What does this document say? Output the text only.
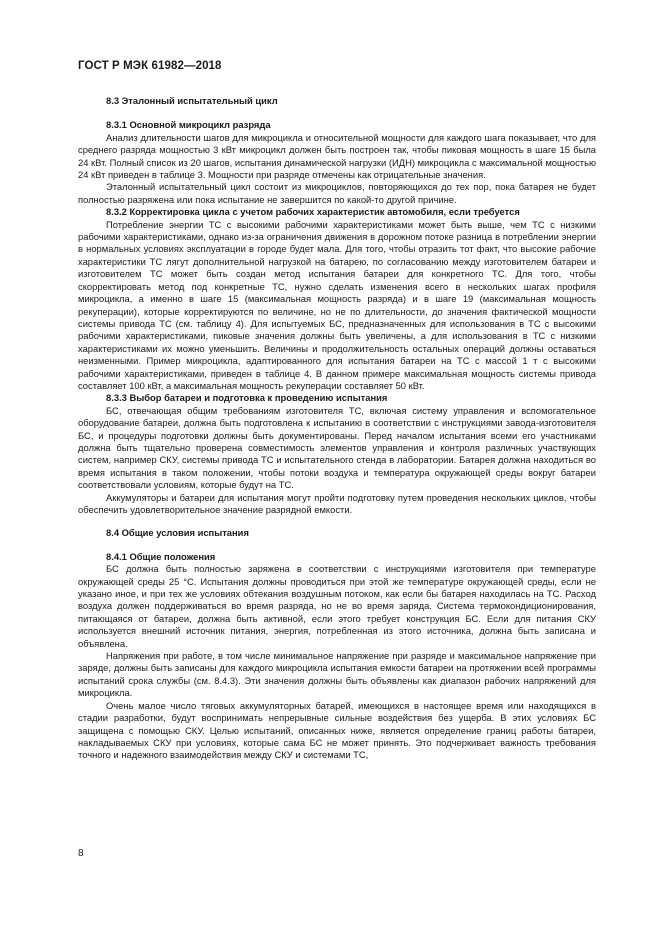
ГОСТ Р МЭК 61982—2018
8.3 Эталонный испытательный цикл
8.3.1 Основной микроцикл разряда

Анализ длительности шагов для микроцикла и относительной мощности для каждого шага показывает, что для среднего разряда мощностью 3 кВт микроцикл должен быть построен так, чтобы пиковая мощность в шаге 15 была 24 кВт. Полный список из 20 шагов, испытания динамической нагрузки (ИДН) микроцикла с максимальной мощностью 24 кВт приведен в таблице 3. Мощности при разряде отмечены как отрицательные значения.

Эталонный испытательный цикл состоит из микроциклов, повторяющихся до тех пор, пока батарея не будет полностью разряжена или пока испытание не завершится по какой-то другой причине.

8.3.2 Корректировка цикла с учетом рабочих характеристик автомобиля, если требуется

Потребление энергии ТС с высокими рабочими характеристиками может быть выше, чем ТС с низкими рабочими характеристиками, однако из-за ограничения движения в дорожном потоке разница в потреблении энергии в нормальных условиях эксплуатации в городе будет мала. Для того, чтобы отразить тот факт, что высокие рабочие характеристики ТС лягут дополнительной нагрузкой на батарею, по согласованию между изготовителем батареи и изготовителем ТС может быть создан метод испытания батареи для конкретного ТС. Для того, чтобы скорректировать метод под конкретные ТС, нужно сделать изменения всего в нескольких шагах профиля микроцикла, а именно в шаге 15 (максимальная мощность разряда) и в шаге 19 (максимальная мощность рекуперации), которые корректируются по величине, но не по длительности, до значения фактической мощности системы привода ТС (см. таблицу 4). Для испытуемых БС, предназначенных для использования в ТС с высокими рабочими характеристиками, пиковые значения должны быть увеличены, а для использования в ТС с низкими характеристиками их можно уменьшить. Величины и продолжительность остальных операций должны оставаться неизменными. Пример микроцикла, адаптированного для испытания батареи на ТС с массой 1 т с высокими рабочими характеристиками, приведен в таблице 4. В данном примере максимальная мощность системы привода составляет 100 кВт, а максимальная мощность рекуперации составляет 50 кВт.

8.3.3 Выбор батареи и подготовка к проведению испытания

БС, отвечающая общим требованиям изготовителя ТС, включая систему управления и вспомогательное оборудование батареи, должна быть подготовлена к испытанию в соответствии с инструкциями завода-изготовителя БС, и процедуры подготовки должны быть документированы. Перед началом испытания всеми его участниками должна быть тщательно проверена совместимость элементов управления и контроля различных участвующих систем, например СКУ, системы привода ТС и испытательного стенда в лаборатории. Батарея должна находиться во время испытания в таком положении, чтобы потоки воздуха и температура окружающей среды вокруг батареи соответствовали условиям, которые будут на ТС.

Аккумуляторы и батареи для испытания могут пройти подготовку путем проведения нескольких циклов, чтобы обеспечить удовлетворительное значение разрядной емкости.

8.4 Общие условия испытания
8.4.1 Общие положения

БС должна быть полностью заряжена в соответствии с инструкциями изготовителя при температуре окружающей среды 25 °С. Испытания должны проводиться при этой же температуре окружающей среды, если не указано иное, и при тех же условиях обтекания воздушным потоком, как если бы батарея находилась на ТС. Расход воздуха должен поддерживаться во время разряда, но не во время заряда. Система термокондиционирования, питающаяся от батареи, должна быть активной, если этого требует конструкция БС. Если для питания СКУ используется внешний источник питания, энергия, потребленная из этого источника, должна быть записана и объявлена.

Напряжения при работе, в том числе минимальное напряжение при разряде и максимальное напряжение при заряде, должны быть записаны для каждого микроцикла испытания емкости батареи на протяжении всей программы испытаний срока службы (см. 8.4.3). Эти значения должны быть объявлены как диапазон рабочих напряжений для микроцикла.

Очень малое число тяговых аккумуляторных батарей, имеющихся в настоящее время или находящихся в стадии разработки, будут воспринимать непрерывные сильные воздействия без ущерба. В этих условиях БС защищена с помощью СКУ. Целью испытаний, описанных ниже, является определение границ работы батареи, накладываемых СКУ при условиях, которые сама БС не может принять. Это подчеркивает важность требования точного и надежного взаимодействия между СКУ и системами ТС,

8
